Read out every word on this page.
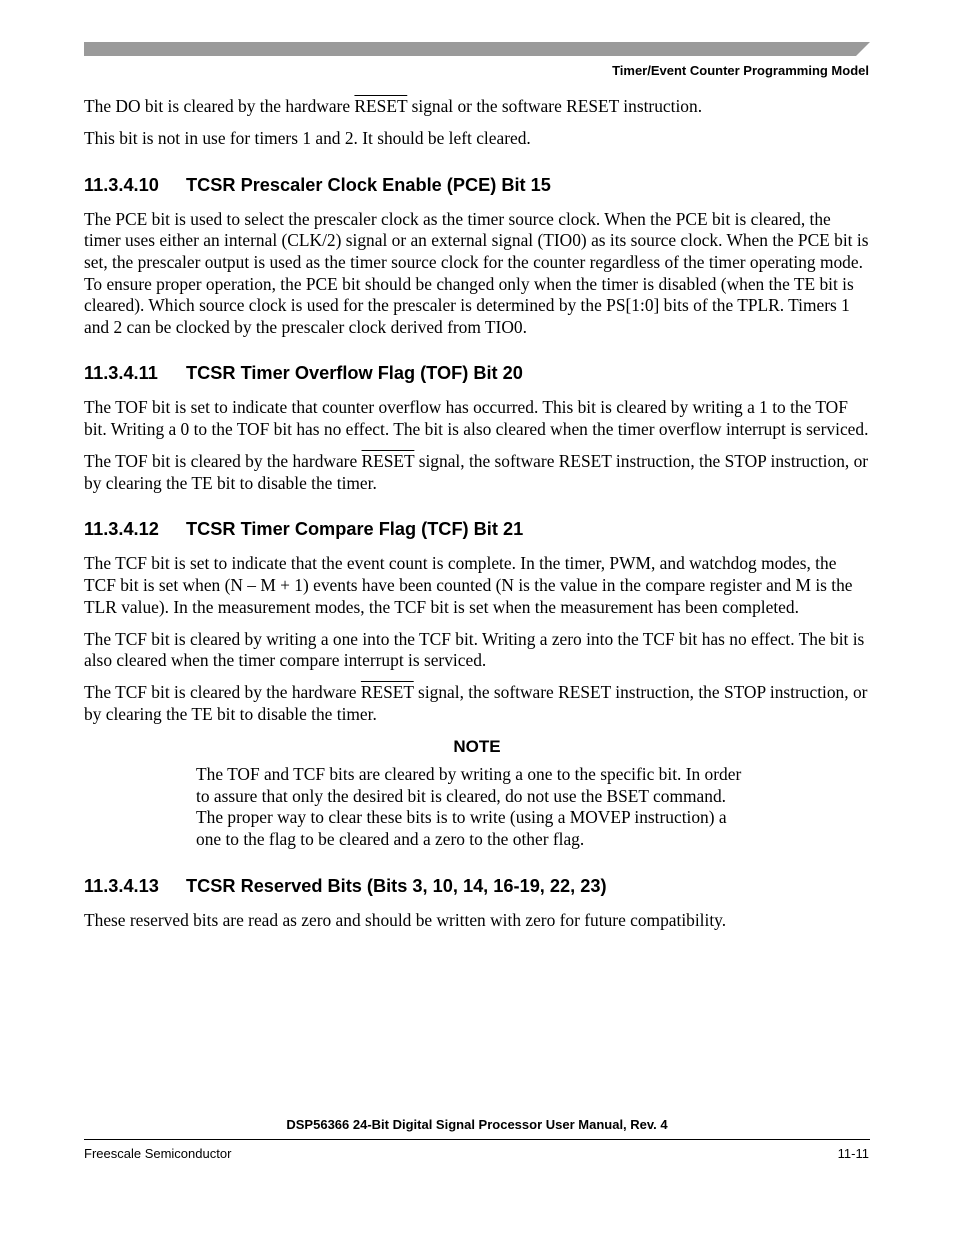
Timer/Event Counter Programming Model

The DO bit is cleared by the hardware RESET signal or the software RESET instruction.

This bit is not in use for timers 1 and 2. It should be left cleared.

11.3.4.10 TCSR Prescaler Clock Enable (PCE) Bit 15

The PCE bit is used to select the prescaler clock as the timer source clock. When the PCE bit is cleared, the timer uses either an internal (CLK/2) signal or an external signal (TIO0) as its source clock. When the PCE bit is set, the prescaler output is used as the timer source clock for the counter regardless of the timer operating mode. To ensure proper operation, the PCE bit should be changed only when the timer is disabled (when the TE bit is cleared). Which source clock is used for the prescaler is determined by the PS[1:0] bits of the TPLR. Timers 1 and 2 can be clocked by the prescaler clock derived from TIO0.

11.3.4.11 TCSR Timer Overflow Flag (TOF) Bit 20

The TOF bit is set to indicate that counter overflow has occurred. This bit is cleared by writing a 1 to the TOF bit. Writing a 0 to the TOF bit has no effect. The bit is also cleared when the timer overflow interrupt is serviced.

The TOF bit is cleared by the hardware RESET signal, the software RESET instruction, the STOP instruction, or by clearing the TE bit to disable the timer.

11.3.4.12 TCSR Timer Compare Flag (TCF) Bit 21

The TCF bit is set to indicate that the event count is complete. In the timer, PWM, and watchdog modes, the TCF bit is set when (N – M + 1) events have been counted (N is the value in the compare register and M is the TLR value). In the measurement modes, the TCF bit is set when the measurement has been completed.

The TCF bit is cleared by writing a one into the TCF bit. Writing a zero into the TCF bit has no effect. The bit is also cleared when the timer compare interrupt is serviced.

The TCF bit is cleared by the hardware RESET signal, the software RESET instruction, the STOP instruction, or by clearing the TE bit to disable the timer.

NOTE

The TOF and TCF bits are cleared by writing a one to the specific bit. In order to assure that only the desired bit is cleared, do not use the BSET command. The proper way to clear these bits is to write (using a MOVEP instruction) a one to the flag to be cleared and a zero to the other flag.

11.3.4.13 TCSR Reserved Bits (Bits 3, 10, 14, 16-19, 22, 23)

These reserved bits are read as zero and should be written with zero for future compatibility.

DSP56366 24-Bit Digital Signal Processor User Manual, Rev. 4
Freescale Semiconductor	11-11
